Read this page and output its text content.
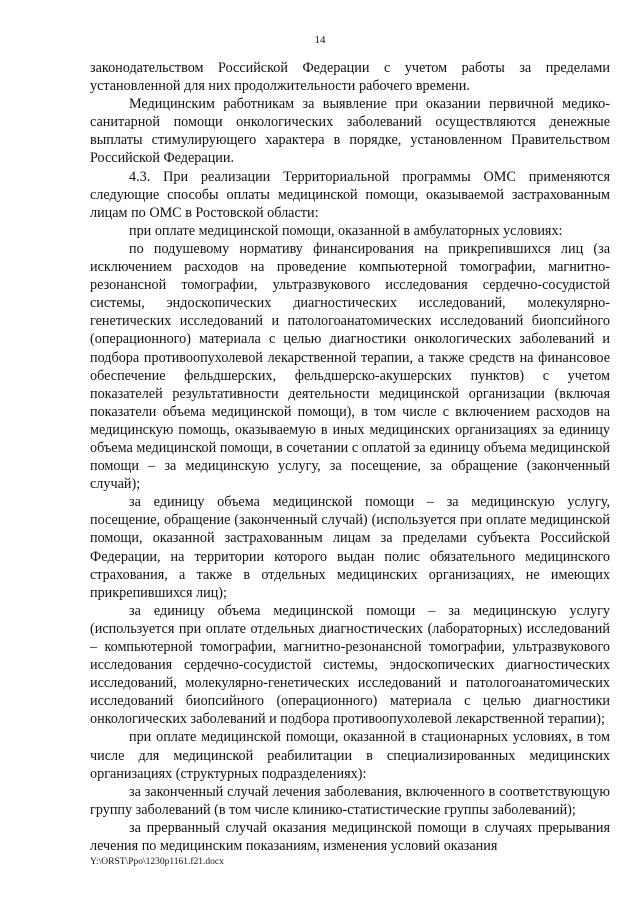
14

законодательством Российской Федерации с учетом работы за пределами установленной для них продолжительности рабочего времени.

Медицинским работникам за выявление при оказании первичной медико-санитарной помощи онкологических заболеваний осуществляются денежные выплаты стимулирующего характера в порядке, установленном Правительством Российской Федерации.

4.3. При реализации Территориальной программы ОМС применяются следующие способы оплаты медицинской помощи, оказываемой застрахованным лицам по ОМС в Ростовской области:

при оплате медицинской помощи, оказанной в амбулаторных условиях:

по подушевому нормативу финансирования на прикрепившихся лиц (за исключением расходов на проведение компьютерной томографии, магнитно-резонансной томографии, ультразвукового исследования сердечно-сосудистой системы, эндоскопических диагностических исследований, молекулярно-генетических исследований и патологоанатомических исследований биопсийного (операционного) материала с целью диагностики онкологических заболеваний и подбора противоопухолевой лекарственной терапии, а также средств на финансовое обеспечение фельдшерских, фельдшерско-акушерских пунктов) с учетом показателей результативности деятельности медицинской организации (включая показатели объема медицинской помощи), в том числе с включением расходов на медицинскую помощь, оказываемую в иных медицинских организациях за единицу объема медицинской помощи, в сочетании с оплатой за единицу объема медицинской помощи – за медицинскую услугу, за посещение, за обращение (законченный случай);

за единицу объема медицинской помощи – за медицинскую услугу, посещение, обращение (законченный случай) (используется при оплате медицинской помощи, оказанной застрахованным лицам за пределами субъекта Российской Федерации, на территории которого выдан полис обязательного медицинского страхования, а также в отдельных медицинских организациях, не имеющих прикрепившихся лиц);

за единицу объема медицинской помощи – за медицинскую услугу (используется при оплате отдельных диагностических (лабораторных) исследований – компьютерной томографии, магнитно-резонансной томографии, ультразвукового исследования сердечно-сосудистой системы, эндоскопических диагностических исследований, молекулярно-генетических исследований и патологоанатомических исследований биопсийного (операционного) материала с целью диагностики онкологических заболеваний и подбора противоопухолевой лекарственной терапии);

при оплате медицинской помощи, оказанной в стационарных условиях, в том числе для медицинской реабилитации в специализированных медицинских организациях (структурных подразделениях):

за законченный случай лечения заболевания, включенного в соответствующую группу заболеваний (в том числе клинико-статистические группы заболеваний);

за прерванный случай оказания медицинской помощи в случаях прерывания лечения по медицинским показаниям, изменения условий оказания

Y:\ORST\Ppo\1230p1161.f21.docx
